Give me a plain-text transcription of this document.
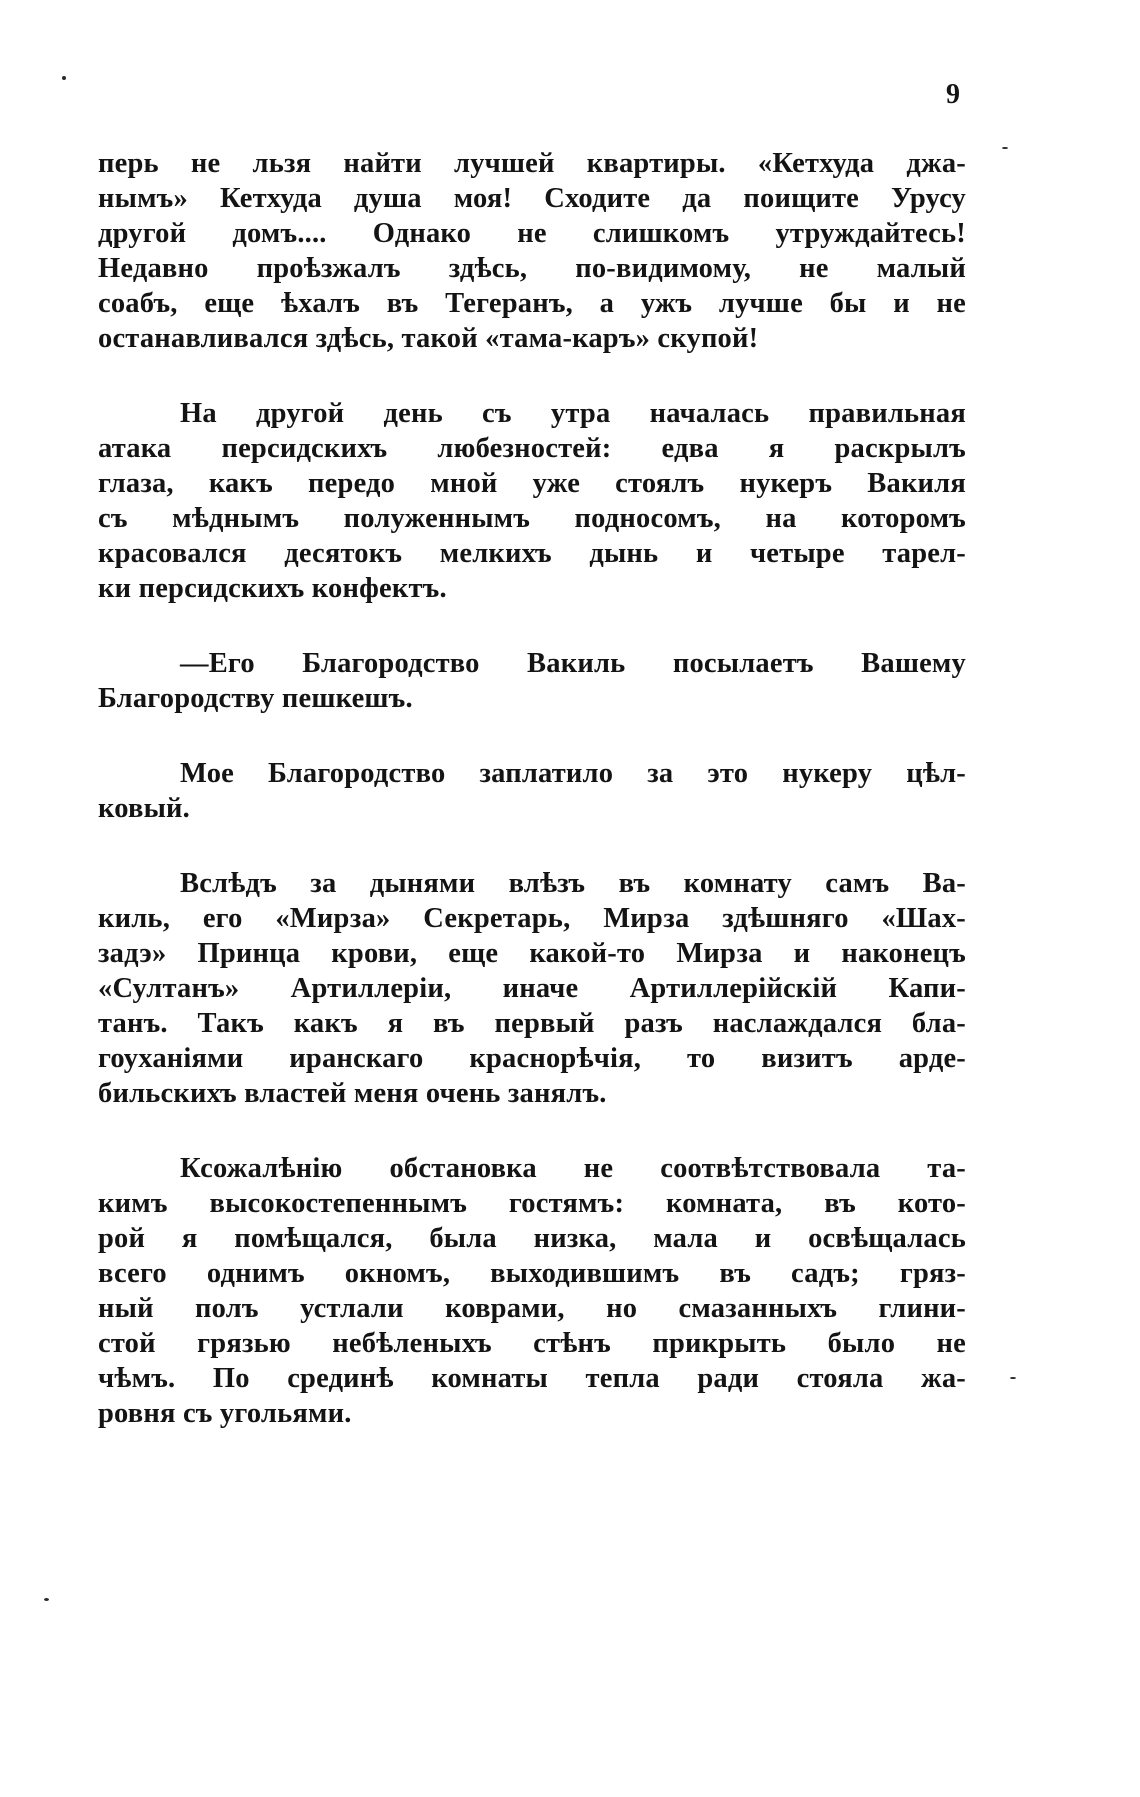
9
перь не льзя найти лучшей квартиры. «Кетхуда джа-
нымъ» Кетхуда душа моя! Сходите да поищите Урусу
другой домъ.... Однако не слишкомъ утруждайтесь!
Недавно проѣзжалъ здѣсь, по-видимому, не малый
соабъ, еще ѣхалъ въ Тегеранъ, а ужъ лучше бы и не
останавливался здѣсь, такой «тама-каръ» скупой!
На другой день съ утра началась правильная
атака персидскихъ любезностей: едва я раскрылъ
глаза, какъ передо мной уже стоялъ нукеръ Вакиля
съ мѣднымъ полуженнымъ подносомъ, на которомъ
красовался десятокъ мелкихъ дынь и четыре тарел-
ки персидскихъ конфектъ.
—Его Благородство Вакиль посылаетъ Вашему
Благородству пешкешъ.
Мое Благородство заплатило за это нукеру цѣл-
ковый.
Вслѣдъ за дынями влѣзъ въ комнату самъ Ва-
киль, его «Мирза» Секретарь, Мирза здѣшняго «Шах-
задэ» Принца крови, еще какой-то Мирза и наконецъ
«Султанъ» Артиллеріи, иначе Артиллерійскій Капи-
танъ. Такъ какъ я въ первый разъ наслаждался бла-
гоуханіями иранскаго краснорѣчія, то визитъ арде-
бильскихъ властей меня очень занялъ.
Ксожалѣнію обстановка не соотвѣтствовала та-
кимъ высокостепеннымъ гостямъ: комната, въ кото-
рой я помѣщался, была низка, мала и освѣщалась
всего однимъ окномъ, выходившимъ въ садъ; гряз-
ный полъ устлали коврами, но смазанныхъ глини-
стой грязью небѣленыхъ стѣнъ прикрыть было не
чѣмъ. По срединѣ комнаты тепла ради стояла жа-
ровня съ угольями.
